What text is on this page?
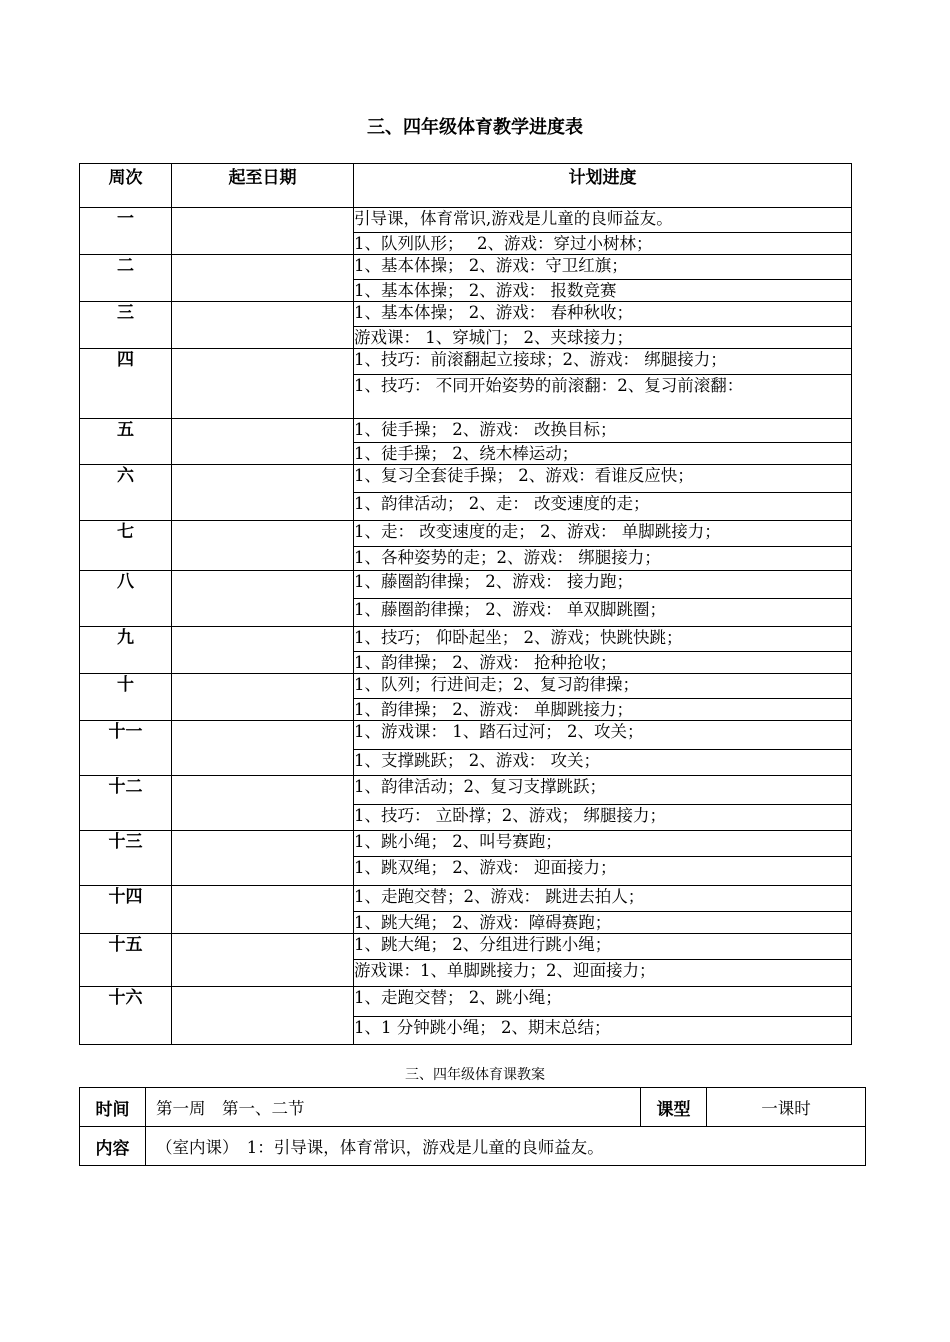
三、四年级体育教学进度表
周次	起至日期	计划进度
一		引导课，体育常识,游戏是儿童的良师益友。
		1、队列队形；　 2、游戏：穿过小树林；
二		1、基本体操； 2、游戏：守卫红旗；
		1、基本体操； 2、游戏： 报数竞赛
三		1、基本体操； 2、游戏： 春种秋收；
		游戏课： 1、穿城门； 2、夹球接力；
四		1、技巧：前滚翻起立接球；2、游戏： 绑腿接力；
		1、技巧： 不同开始姿势的前滚翻：2、复习前滚翻：
五		1、徒手操； 2、游戏： 改换目标；
		1、徒手操； 2、绕木棒运动；
六		1、复习全套徒手操； 2、游戏：看谁反应快；
		1、韵律活动； 2、走： 改变速度的走；
七		1、走： 改变速度的走； 2、游戏： 单脚跳接力；
		1、各种姿势的走；2、游戏： 绑腿接力；
八		1、藤圈韵律操； 2、游戏： 接力跑；
		1、藤圈韵律操； 2、游戏： 单双脚跳圈；
九		1、技巧； 仰卧起坐； 2、游戏；快跳快跳；
		1、韵律操； 2、游戏： 抢种抢收；
十		1、队列；行进间走；2、复习韵律操；
		1、韵律操； 2、游戏： 单脚跳接力；
十一		1、游戏课： 1、踏石过河； 2、攻关；
		1、支撑跳跃； 2、游戏： 攻关；
十二		1、韵律活动；2、复习支撑跳跃；
		1、技巧： 立卧撑；2、游戏； 绑腿接力；
十三		1、跳小绳； 2、叫号赛跑；
		1、跳双绳； 2、游戏： 迎面接力；
十四		1、走跑交替；2、游戏： 跳进去拍人；
		1、跳大绳； 2、游戏：障碍赛跑；
十五		1、跳大绳； 2、分组进行跳小绳；
		游戏课：1、单脚跳接力；2、迎面接力；
十六		1、走跑交替； 2、跳小绳；
		1、1 分钟跳小绳； 2、期末总结；
三、四年级体育课教案
时间	第一周　第一、二节	课型	一课时
内容	（室内课）　1：引导课，体育常识，游戏是儿童的良师益友。		
